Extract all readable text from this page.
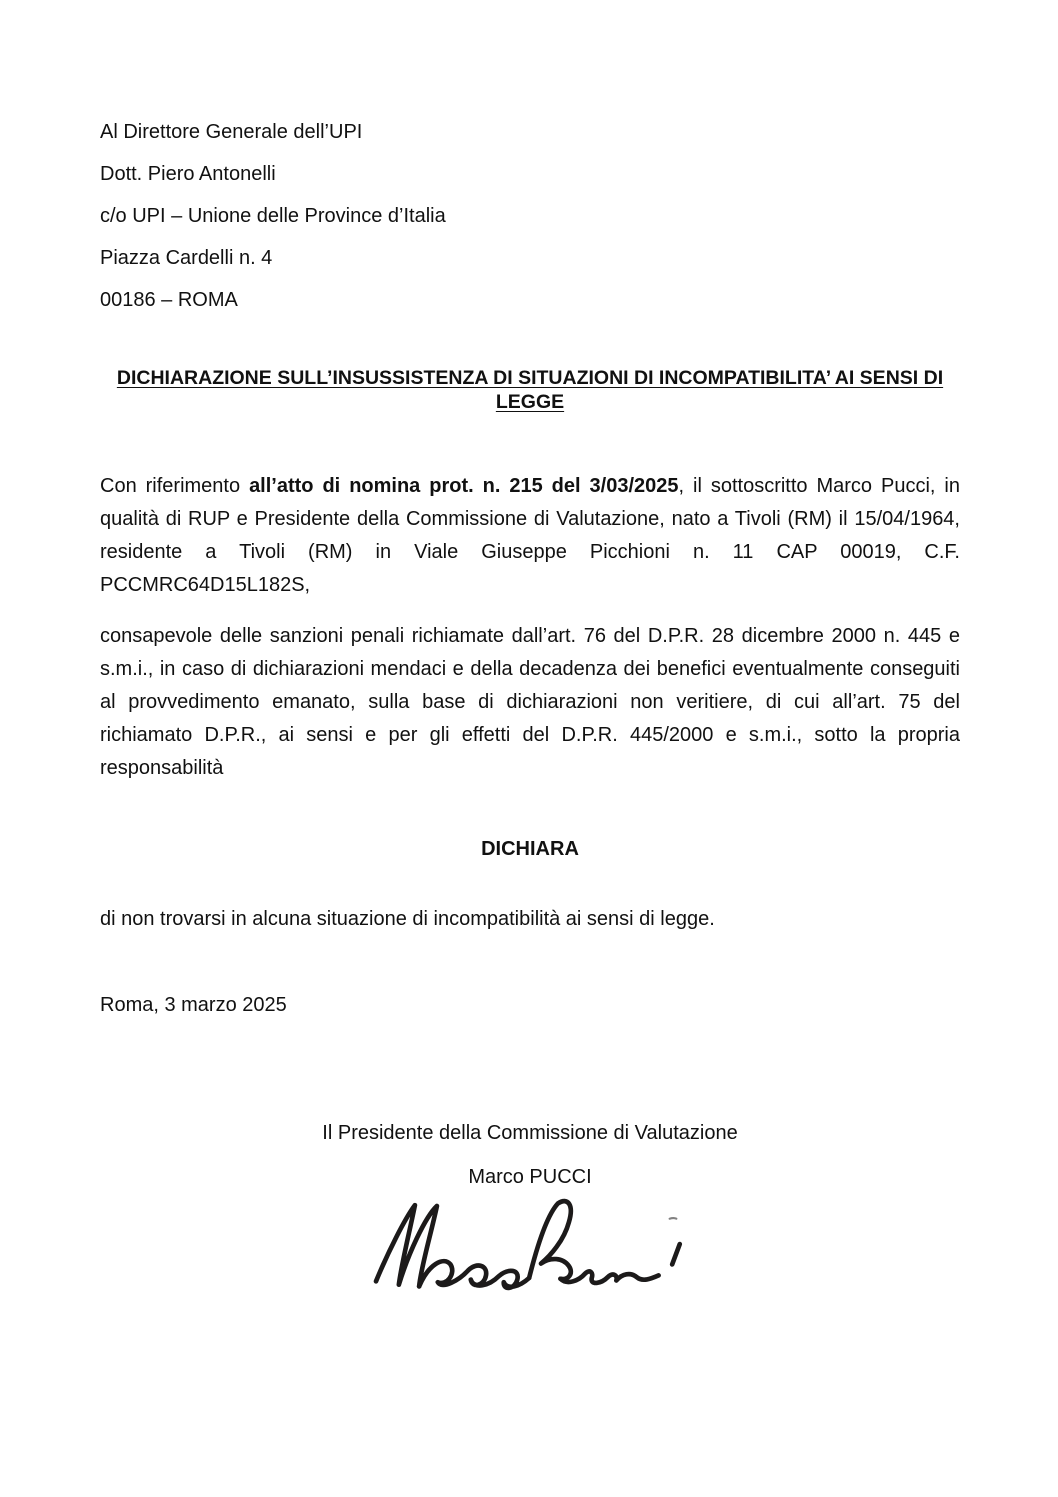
Al Direttore Generale dell’UPI

Dott. Piero Antonelli

c/o UPI – Unione delle Province d’Italia

Piazza Cardelli n. 4

00186 – ROMA

DICHIARAZIONE SULL’INSUSSISTENZA DI SITUAZIONI DI INCOMPATIBILITA’ AI SENSI DI LEGGE

Con riferimento all’atto di nomina prot. n. 215 del 3/03/2025, il sottoscritto Marco Pucci, in qualità di RUP e Presidente della Commissione di Valutazione, nato a Tivoli (RM) il 15/04/1964, residente a Tivoli (RM) in Viale Giuseppe Picchioni n. 11 CAP 00019, C.F. PCCMRC64D15L182S,

consapevole delle sanzioni penali richiamate dall’art. 76 del D.P.R. 28 dicembre 2000 n. 445 e s.m.i., in caso di dichiarazioni mendaci e della decadenza dei benefici eventualmente conseguiti al provvedimento emanato, sulla base di dichiarazioni non veritiere, di cui all’art. 75 del richiamato D.P.R., ai sensi e per gli effetti del D.P.R. 445/2000 e s.m.i., sotto la propria responsabilità

DICHIARA

di non trovarsi in alcuna situazione di incompatibilità ai sensi di legge.

Roma, 3 marzo 2025

Il Presidente della Commissione di Valutazione

Marco PUCCI
